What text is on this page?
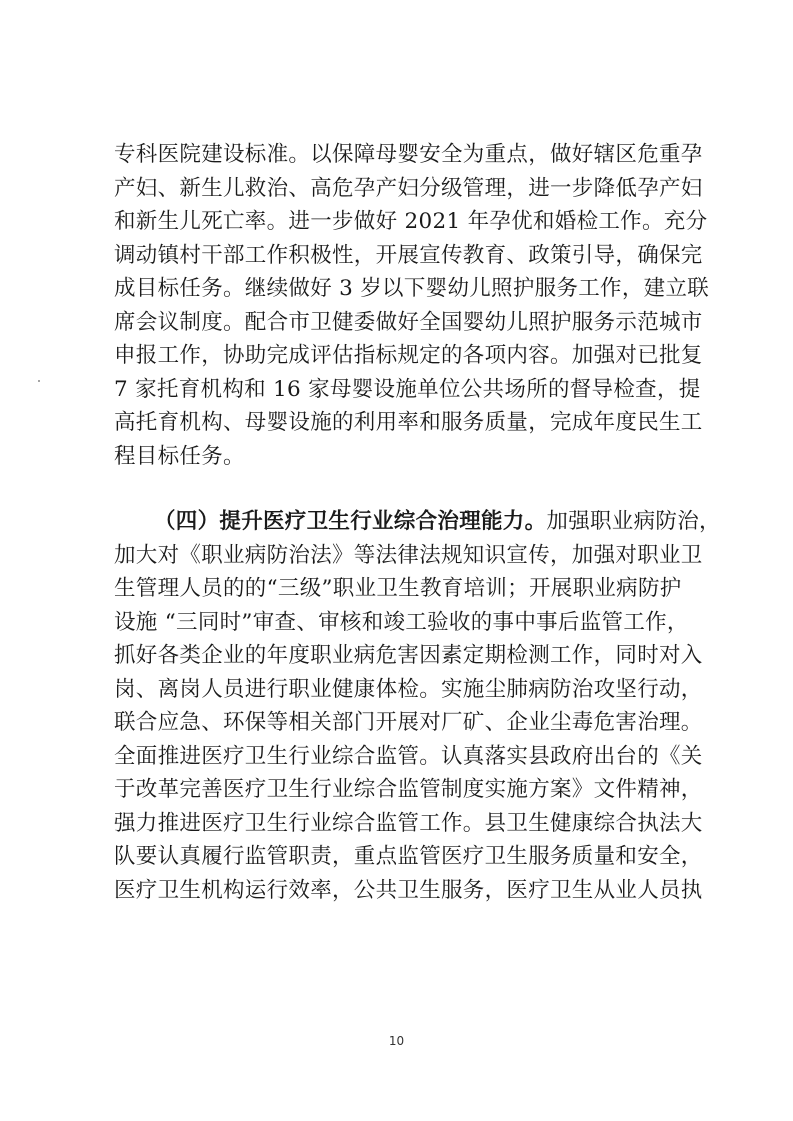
专科医院建设标准。以保障母婴安全为重点，做好辖区危重孕
产妇、新生儿救治、高危孕产妇分级管理，进一步降低孕产妇
和新生儿死亡率。进一步做好 2021 年孕优和婚检工作。充分
调动镇村干部工作积极性，开展宣传教育、政策引导，确保完
成目标任务。继续做好 3 岁以下婴幼儿照护服务工作，建立联
席会议制度。配合市卫健委做好全国婴幼儿照护服务示范城市
申报工作，协助完成评估指标规定的各项内容。加强对已批复
7 家托育机构和 16 家母婴设施单位公共场所的督导检查，提
高托育机构、母婴设施的利用率和服务质量，完成年度民生工
程目标任务。
（四）提升医疗卫生行业综合治理能力。加强职业病防治，
加大对《职业病防治法》等法律法规知识宣传，加强对职业卫
生管理人员的的“三级”职业卫生教育培训；开展职业病防护
设施 “三同时”审查、审核和竣工验收的事中事后监管工作，
抓好各类企业的年度职业病危害因素定期检测工作，同时对入
岗、离岗人员进行职业健康体检。实施尘肺病防治攻坚行动，
联合应急、环保等相关部门开展对厂矿、企业尘毒危害治理。
全面推进医疗卫生行业综合监管。认真落实县政府出台的《关
于改革完善医疗卫生行业综合监管制度实施方案》文件精神，
强力推进医疗卫生行业综合监管工作。县卫生健康综合执法大
队要认真履行监管职责，重点监管医疗卫生服务质量和安全，
医疗卫生机构运行效率，公共卫生服务，医疗卫生从业人员执
10
